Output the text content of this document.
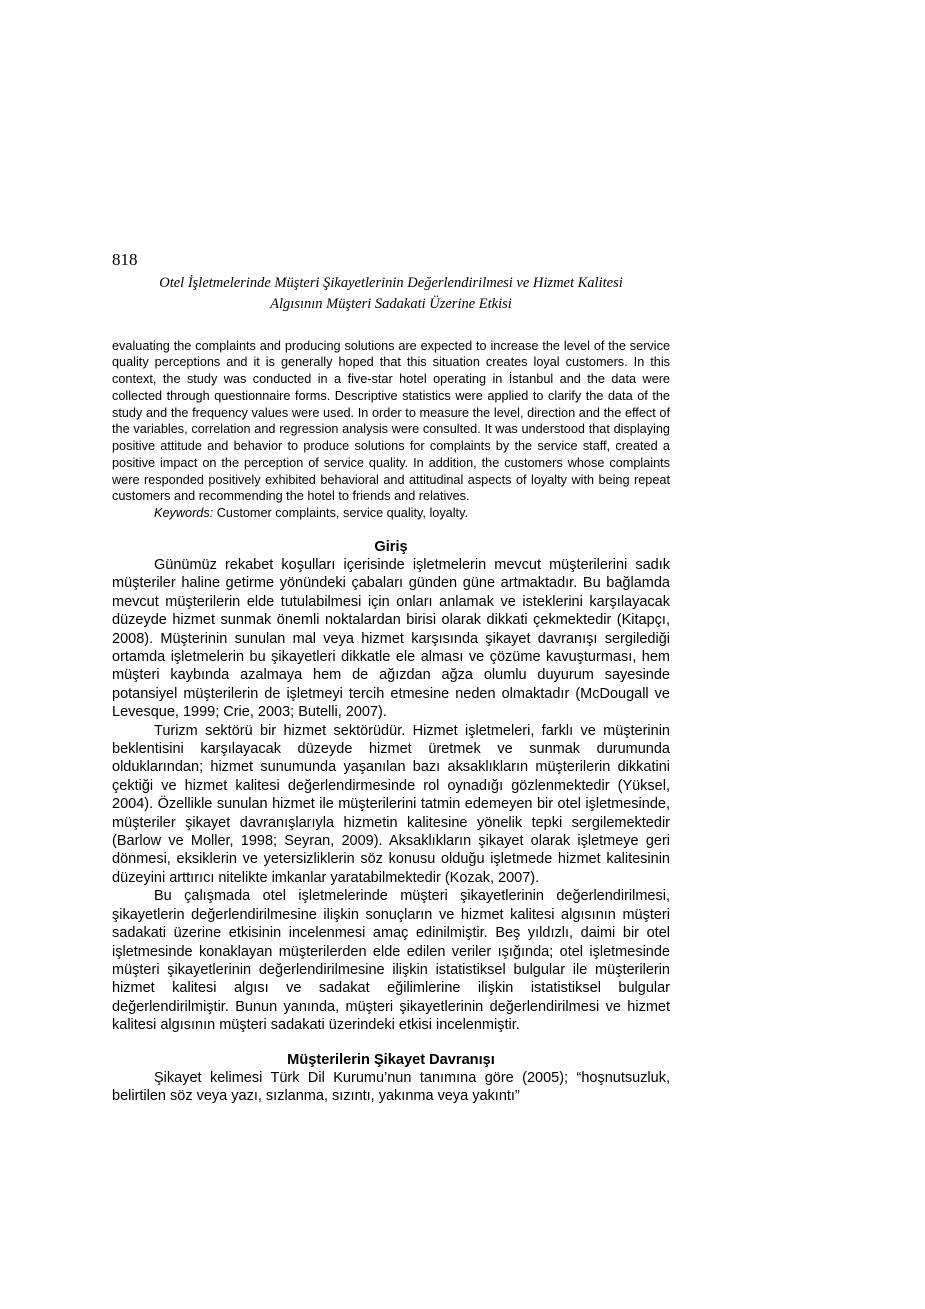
818
Otel İşletmelerinde Müşteri Şikayetlerinin Değerlendirilmesi ve Hizmet Kalitesi
Algısının Müşteri Sadakati Üzerine Etkisi
evaluating the complaints and producing solutions are expected to increase the level of the service quality perceptions and it is generally hoped that this situation creates loyal customers. In this context, the study was conducted in a five-star hotel operating in İstanbul and the data were collected through questionnaire forms. Descriptive statistics were applied to clarify the data of the study and the frequency values were used. In order to measure the level, direction and the effect of the variables, correlation and regression analysis were consulted. It was understood that displaying positive attitude and behavior to produce solutions for complaints by the service staff, created a positive impact on the perception of service quality. In addition, the customers whose complaints were responded positively exhibited behavioral and attitudinal aspects of loyalty with being repeat customers and recommending the hotel to friends and relatives.
Keywords: Customer complaints, service quality, loyalty.
Giriş
Günümüz rekabet koşulları içerisinde işletmelerin mevcut müşterilerini sadık müşteriler haline getirme yönündeki çabaları günden güne artmaktadır. Bu bağlamda mevcut müşterilerin elde tutulabilmesi için onları anlamak ve isteklerini karşılayacak düzeyde hizmet sunmak önemli noktalardan birisi olarak dikkati çekmektedir (Kitapçı, 2008). Müşterinin sunulan mal veya hizmet karşısında şikayet davranışı sergilediği ortamda işletmelerin bu şikayetleri dikkatle ele alması ve çözüme kavuşturması, hem müşteri kaybında azalmaya hem de ağızdan ağza olumlu duyurum sayesinde potansiyel müşterilerin de işletmeyi tercih etmesine neden olmaktadır (McDougall ve Levesque, 1999; Crie, 2003; Butelli, 2007).
Turizm sektörü bir hizmet sektörüdür. Hizmet işletmeleri, farklı ve müşterinin beklentisini karşılayacak düzeyde hizmet üretmek ve sunmak durumunda olduklarından; hizmet sunumunda yaşanılan bazı aksaklıkların müşterilerin dikkatini çektiği ve hizmet kalitesi değerlendirmesinde rol oynadığı gözlenmektedir (Yüksel, 2004). Özellikle sunulan hizmet ile müşterilerini tatmin edemeyen bir otel işletmesinde, müşteriler şikayet davranışlarıyla hizmetin kalitesine yönelik tepki sergilemektedir (Barlow ve Moller, 1998; Seyran, 2009). Aksaklıkların şikayet olarak işletmeye geri dönmesi, eksiklerin ve yetersizliklerin söz konusu olduğu işletmede hizmet kalitesinin düzeyini arttırıcı nitelikte imkanlar yaratabilmektedir (Kozak, 2007).
Bu çalışmada otel işletmelerinde müşteri şikayetlerinin değerlendirilmesi, şikayetlerin değerlendirilmesine ilişkin sonuçların ve hizmet kalitesi algısının müşteri sadakati üzerine etkisinin incelenmesi amaç edinilmiştir. Beş yıldızlı, daimi bir otel işletmesinde konaklayan müşterilerden elde edilen veriler ışığında; otel işletmesinde müşteri şikayetlerinin değerlendirilmesine ilişkin istatistiksel bulgular ile müşterilerin hizmet kalitesi algısı ve sadakat eğilimlerine ilişkin istatistiksel bulgular değerlendirilmiştir. Bunun yanında, müşteri şikayetlerinin değerlendirilmesi ve hizmet kalitesi algısının müşteri sadakati üzerindeki etkisi incelenmiştir.
Müşterilerin Şikayet Davranışı
Şikayet kelimesi Türk Dil Kurumu’nun tanımına göre (2005); “hoşnutsuzluk, belirtilen söz veya yazı, sızlanma, sızıntı, yakınma veya yakıntı”
